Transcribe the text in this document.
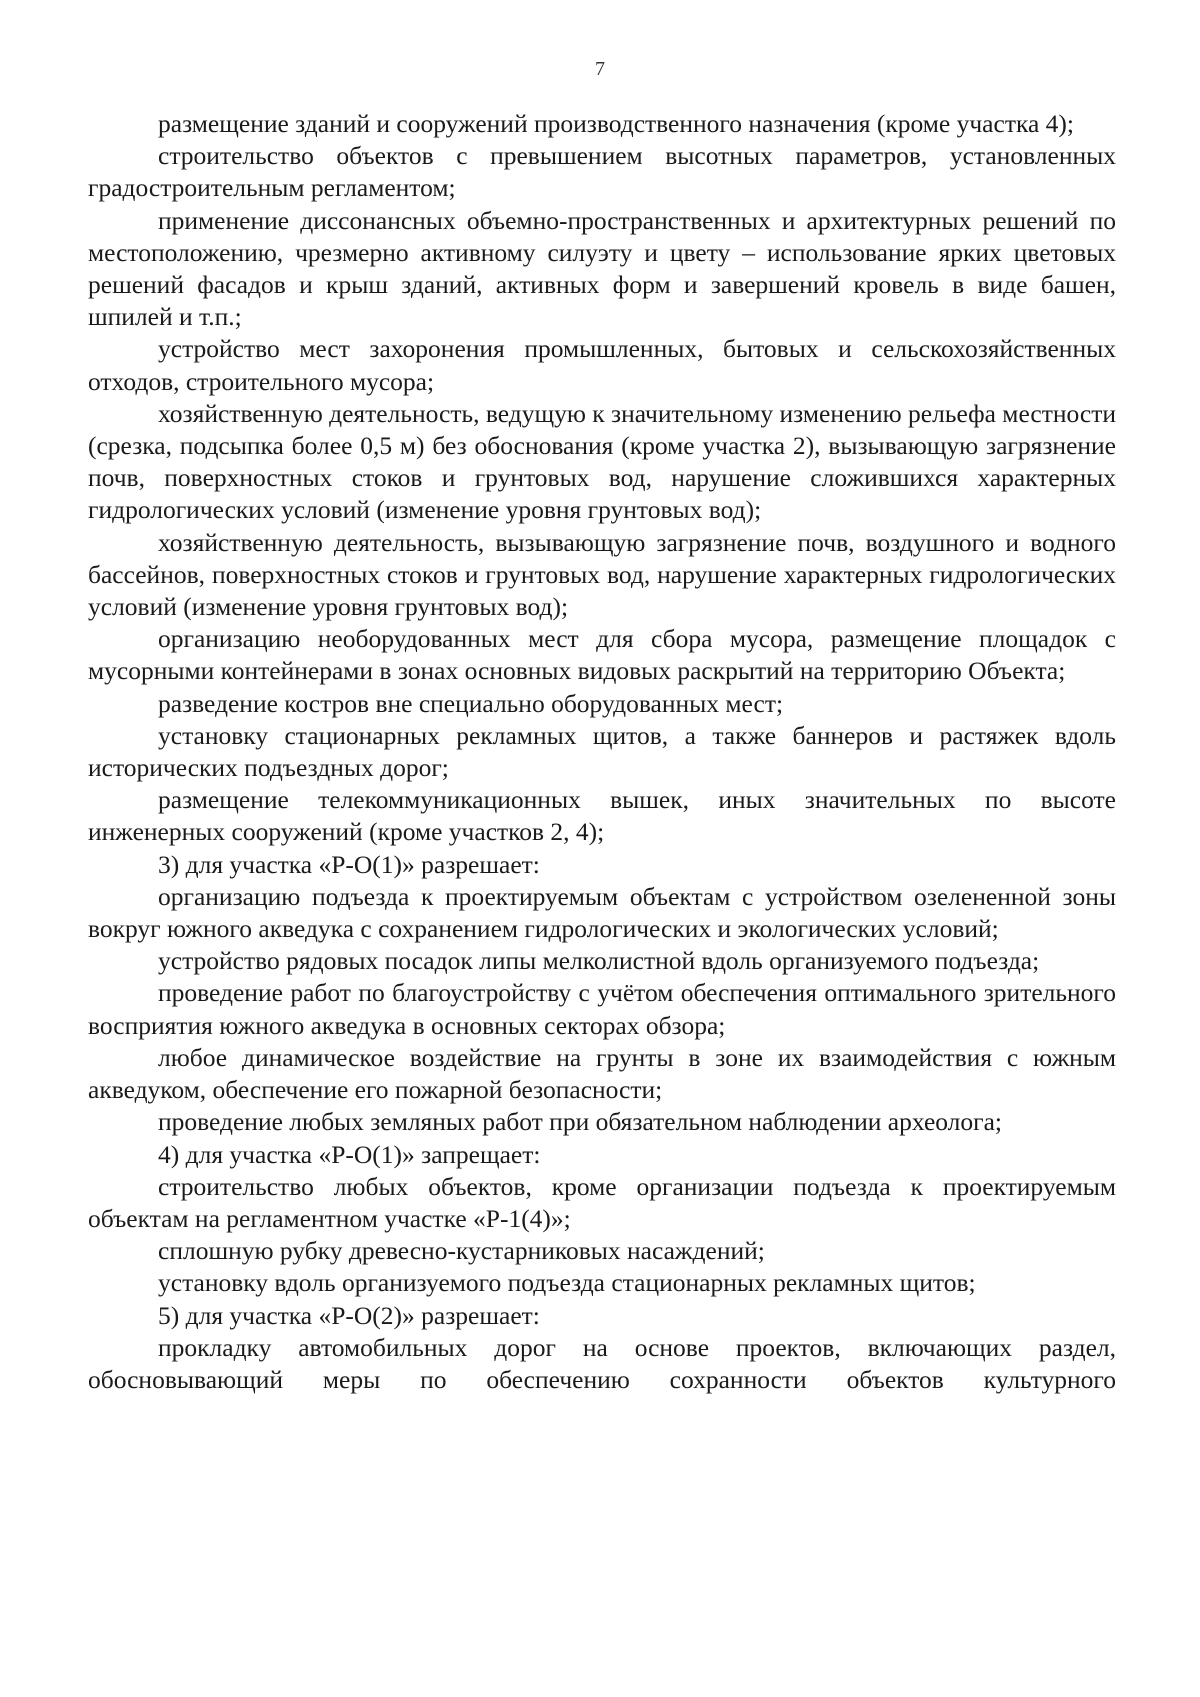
7

размещение зданий и сооружений производственного назначения (кроме участка 4);

строительство объектов с превышением высотных параметров, установленных градостроительным регламентом;

применение диссонансных объемно-пространственных и архитектурных решений по местоположению, чрезмерно активному силуэту и цвету – использование ярких цветовых решений фасадов и крыш зданий, активных форм и завершений кровель в виде башен, шпилей и т.п.;

устройство мест захоронения промышленных, бытовых и сельскохозяйственных отходов, строительного мусора;

хозяйственную деятельность, ведущую к значительному изменению рельефа местности (срезка, подсыпка более 0,5 м) без обоснования (кроме участка 2), вызывающую загрязнение почв, поверхностных стоков и грунтовых вод, нарушение сложившихся характерных гидрологических условий (изменение уровня грунтовых вод);

хозяйственную деятельность, вызывающую загрязнение почв, воздушного и водного бассейнов, поверхностных стоков и грунтовых вод, нарушение характерных гидрологических условий (изменение уровня грунтовых вод);

организацию необорудованных мест для сбора мусора, размещение площадок с мусорными контейнерами в зонах основных видовых раскрытий на территорию Объекта;

разведение костров вне специально оборудованных мест;

установку стационарных рекламных щитов, а также баннеров и растяжек вдоль исторических подъездных дорог;

размещение телекоммуникационных вышек, иных значительных по высоте инженерных сооружений (кроме участков 2, 4);

3) для участка «Р-О(1)» разрешает:

организацию подъезда к проектируемым объектам с устройством озелененной зоны вокруг южного акведука с сохранением гидрологических и экологических условий;

устройство рядовых посадок липы мелколистной вдоль организуемого подъезда;

проведение работ по благоустройству с учётом обеспечения оптимального зрительного восприятия южного акведука в основных секторах обзора;

любое динамическое воздействие на грунты в зоне их взаимодействия с южным акведуком, обеспечение его пожарной безопасности;

проведение любых земляных работ при обязательном наблюдении археолога;

4) для участка «Р-О(1)» запрещает:

строительство любых объектов, кроме организации подъезда к проектируемым объектам на регламентном участке «Р-1(4)»;

сплошную рубку древесно-кустарниковых насаждений;

установку вдоль организуемого подъезда стационарных рекламных щитов;

5) для участка «Р-О(2)» разрешает:

прокладку автомобильных дорог на основе проектов, включающих раздел, обосновывающий меры по обеспечению сохранности объектов культурного
